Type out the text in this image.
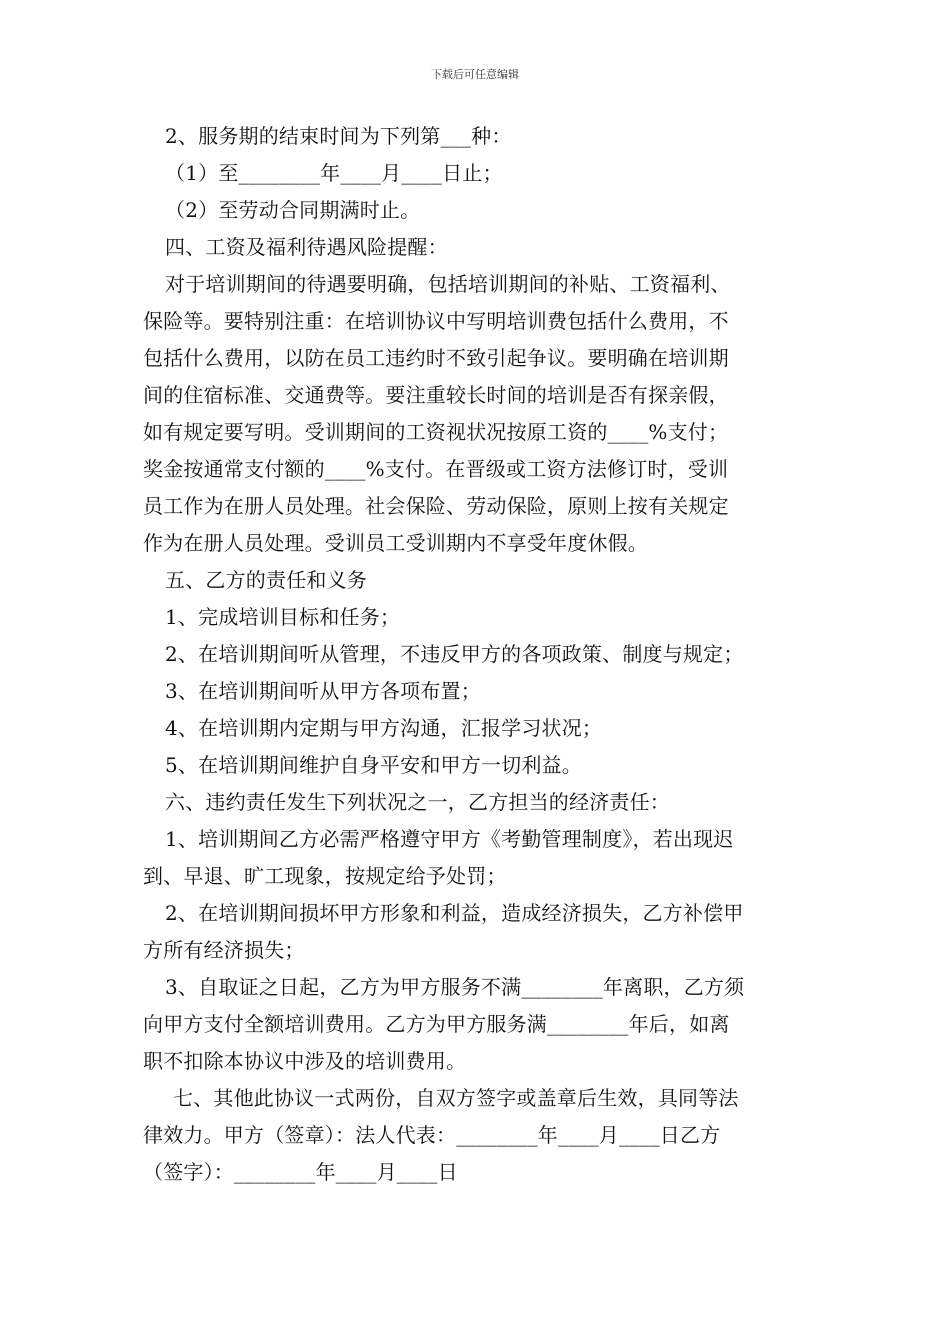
下载后可任意编辑

2、服务期的结束时间为下列第___种：

（1）至________年____月____日止；

（2）至劳动合同期满时止。

四、工资及福利待遇风险提醒：

对于培训期间的待遇要明确，包括培训期间的补贴、工资福利、

保险等。要特别注重：在培训协议中写明培训费包括什么费用，不

包括什么费用，以防在员工违约时不致引起争议。要明确在培训期

间的住宿标准、交通费等。要注重较长时间的培训是否有探亲假，

如有规定要写明。受训期间的工资视状况按原工资的____%支付；

奖金按通常支付额的____%支付。在晋级或工资方法修订时，受训

员工作为在册人员处理。社会保险、劳动保险，原则上按有关规定

作为在册人员处理。受训员工受训期内不享受年度休假。

五、乙方的责任和义务

1、完成培训目标和任务；

2、在培训期间听从管理，不违反甲方的各项政策、制度与规定；

3、在培训期间听从甲方各项布置；

4、在培训期内定期与甲方沟通，汇报学习状况；

5、在培训期间维护自身平安和甲方一切利益。

六、违约责任发生下列状况之一，乙方担当的经济责任：

1、培训期间乙方必需严格遵守甲方《考勤管理制度》，若出现迟

到、早退、旷工现象，按规定给予处罚；

2、在培训期间损坏甲方形象和利益，造成经济损失，乙方补偿甲

方所有经济损失；

3、自取证之日起，乙方为甲方服务不满________年离职，乙方须

向甲方支付全额培训费用。乙方为甲方服务满________年后，如离

职不扣除本协议中涉及的培训费用。

七、其他此协议一式两份，自双方签字或盖章后生效，具同等法

律效力。甲方（签章）：法人代表：________年____月____日乙方

（签字）：________年____月____日
